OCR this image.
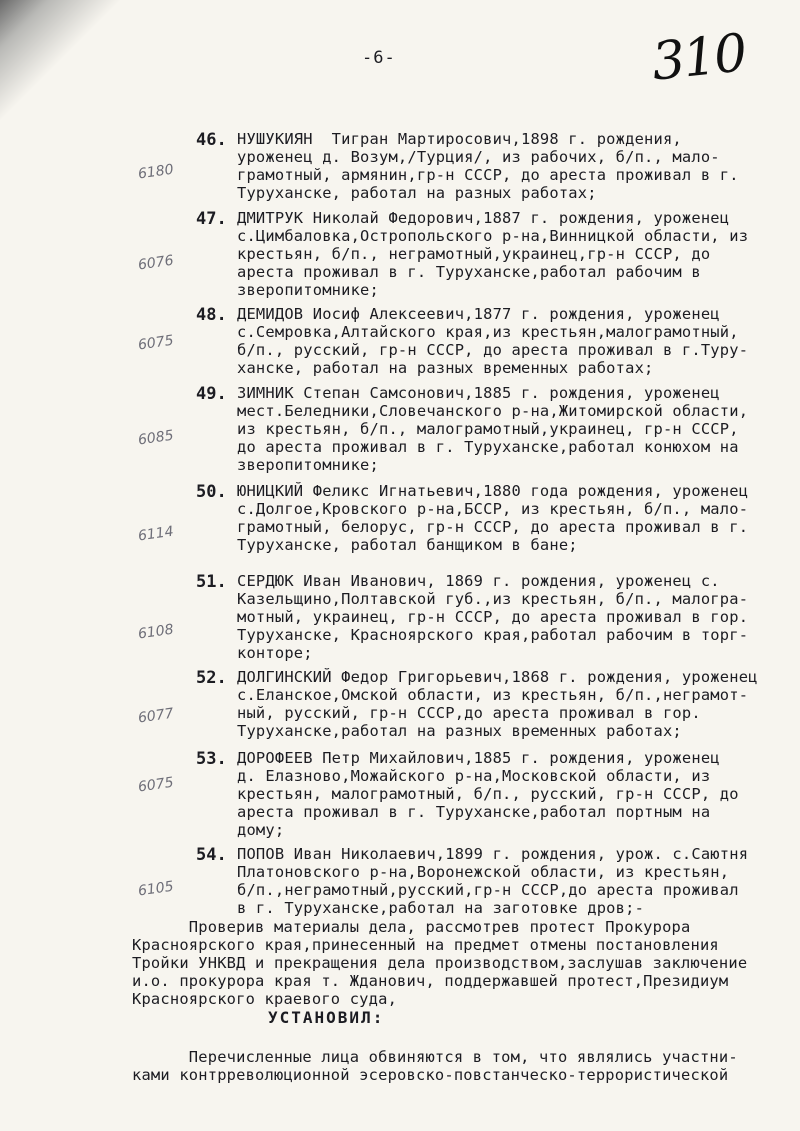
-6-	310
46. НУШУКИЯН  Тигран Мартиросович,1898 г. рождения,
уроженец д. Возум,/Турция/, из рабочих, б/п., мало-
грамотный, армянин,гр-н СССР, до ареста проживал в г.
Туруханске, работал на разных работах;
6180
47. ДМИТРУК Николай Федорович,1887 г. рождения, уроженец
с.Цимбаловка,Остропольского р-на,Винницкой области, из
крестьян, б/п., неграмотный,украинец,гр-н СССР, до
ареста проживал в г. Туруханске,работал рабочим в
зверопитомнике;
6076
48. ДЕМИДОВ Иосиф Алексеевич,1877 г. рождения, уроженец
с.Семровка,Алтайского края,из крестьян,малограмотный,
б/п., русский, гр-н СССР, до ареста проживал в г.Туру-
ханске, работал на разных временных работах;
6075
49. ЗИМНИК Степан Самсонович,1885 г. рождения, уроженец
мест.Беледники,Словечанского р-на,Житомирской области,
из крестьян, б/п., малограмотный,украинец, гр-н СССР,
до ареста проживал в г. Туруханске,работал конюхом на
зверопитомнике;
6085
50. ЮНИЦКИЙ Феликс Игнатьевич,1880 года рождения, уроженец
с.Долгое,Кровского р-на,БССР, из крестьян, б/п., мало-
грамотный, белорус, гр-н СССР, до ареста проживал в г.
Туруханске, работал банщиком в бане;
6114
51. СЕРДЮК Иван Иванович, 1869 г. рождения, уроженец с.
Казельщино,Полтавской губ.,из крестьян, б/п., малогра-
мотный, украинец, гр-н СССР, до ареста проживал в гор.
Туруханске, Красноярского края,работал рабочим в торг-
конторе;
6108
52. ДОЛГИНСКИЙ Федор Григорьевич,1868 г. рождения, уроженец
с.Еланское,Омской области, из крестьян, б/п.,неграмот-
ный, русский, гр-н СССР,до ареста проживал в гор.
Туруханске,работал на разных временных работах;
6077
53. ДОРОФЕЕВ Петр Михайлович,1885 г. рождения, уроженец
д. Елазново,Можайского р-на,Московской области, из
крестьян, малограмотный, б/п., русский, гр-н СССР, до
ареста проживал в г. Туруханске,работал портным на
дому;
6075
54. ПОПОВ Иван Николаевич,1899 г. рождения, урож. с.Саютня
Платоновского р-на,Воронежской области, из крестьян,
б/п.,неграмотный,русский,гр-н СССР,до ареста проживал
в г. Туруханске,работал на заготовке дров;-
6105
Проверив материалы дела, рассмотрев протест Прокурора
Красноярского края,принесенный на предмет отмены постановления
Тройки УНКВД и прекращения дела производством,заслушав заключение
и.о. прокурора края т. Жданович, поддержавшей протест,Президиум
Красноярского краевого суда,
УСТАНОВИЛ:
Перечисленные лица обвиняются в том, что являлись участни-
ками контрреволюционной эсеровско-повстанческо-террористической
